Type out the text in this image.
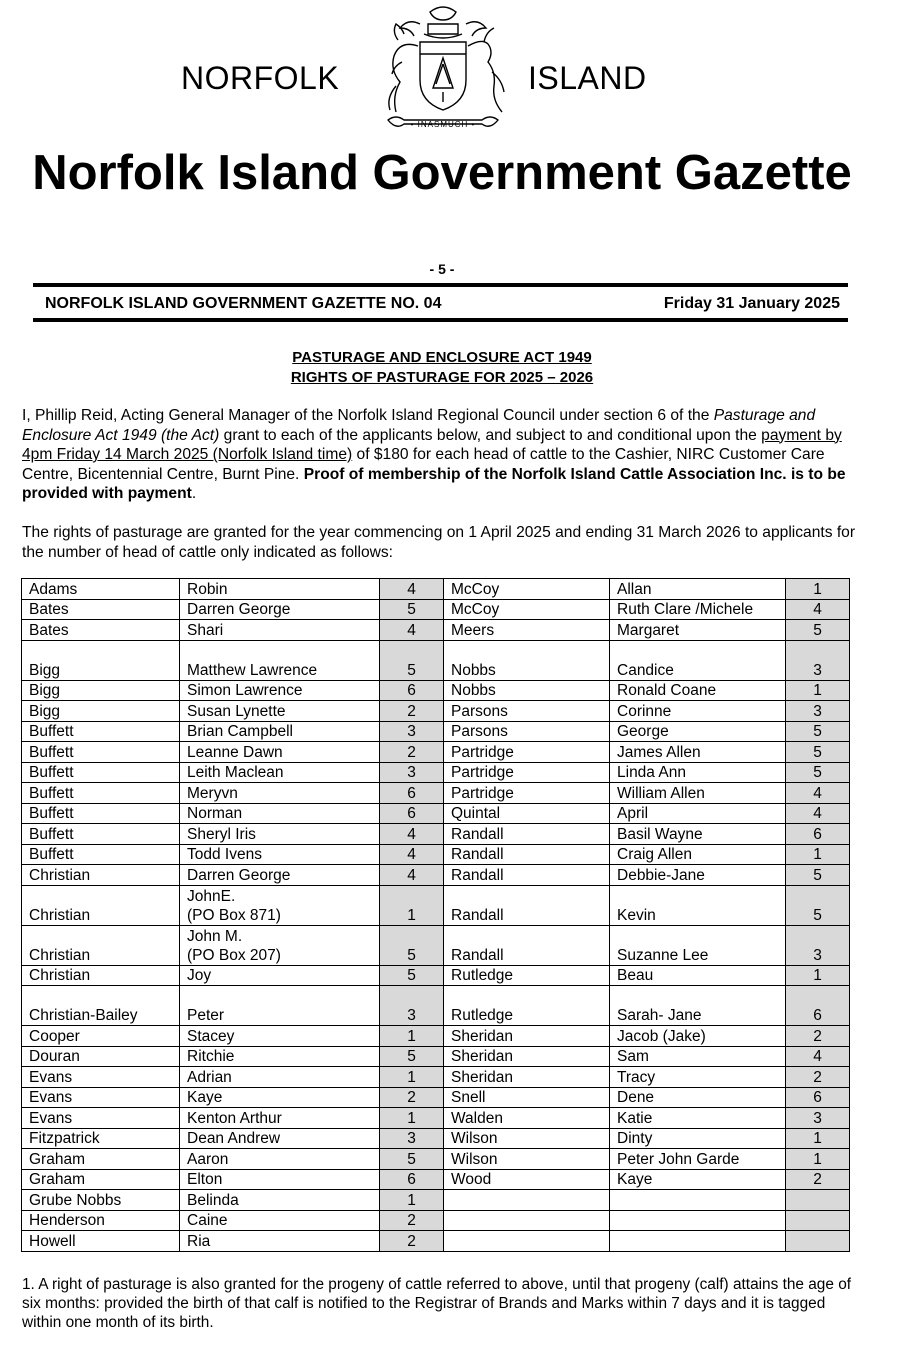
NORFOLK
• INASMUCH •
ISLAND
Norfolk Island Government Gazette
- 5 -
NORFOLK ISLAND GOVERNMENT GAZETTE NO. 04	Friday 31 January 2025
PASTURAGE AND ENCLOSURE ACT 1949
RIGHTS OF PASTURAGE FOR 2025 – 2026
I, Phillip Reid, Acting General Manager of the Norfolk Island Regional Council under section 6 of the Pasturage and Enclosure Act 1949 (the Act) grant to each of the applicants below, and subject to and conditional upon the payment by 4pm Friday 14 March 2025 (Norfolk Island time) of $180 for each head of cattle to the Cashier, NIRC Customer Care Centre, Bicentennial Centre, Burnt Pine. Proof of membership of the Norfolk Island Cattle Association Inc. is to be provided with payment.
The rights of pasturage are granted for the year commencing on 1 April 2025 and ending 31 March 2026 to applicants for the number of head of cattle only indicated as follows:
Adams	Robin	4	McCoy	Allan	1
Bates	Darren George	5	McCoy	Ruth Clare /Michele	4
Bates	Shari	4	Meers	Margaret	5
Bigg	Matthew Lawrence	5	Nobbs	Candice	3
Bigg	Simon Lawrence	6	Nobbs	Ronald Coane	1
Bigg	Susan Lynette	2	Parsons	Corinne	3
Buffett	Brian Campbell	3	Parsons	George	5
Buffett	Leanne Dawn	2	Partridge	James Allen	5
Buffett	Leith Maclean	3	Partridge	Linda Ann	5
Buffett	Meryvn	6	Partridge	William Allen	4
Buffett	Norman	6	Quintal	April	4
Buffett	Sheryl Iris	4	Randall	Basil Wayne	6
Buffett	Todd Ivens	4	Randall	Craig Allen	1
Christian	Darren George	4	Randall	Debbie-Jane	5
Christian	JohnE.
(PO Box 871)	1	Randall	Kevin	5
Christian	John M.
(PO Box 207)	5	Randall	Suzanne Lee	3
Christian	Joy	5	Rutledge	Beau	1
Christian-Bailey	Peter	3	Rutledge	Sarah- Jane	6
Cooper	Stacey	1	Sheridan	Jacob (Jake)	2
Douran	Ritchie	5	Sheridan	Sam	4
Evans	Adrian	1	Sheridan	Tracy	2
Evans	Kaye	2	Snell	Dene	6
Evans	Kenton Arthur	1	Walden	Katie	3
Fitzpatrick	Dean Andrew	3	Wilson	Dinty	1
Graham	Aaron	5	Wilson	Peter John Garde	1
Graham	Elton	6	Wood	Kaye	2
Grube Nobbs	Belinda	1			
Henderson	Caine	2			
Howell	Ria	2			
1. A right of pasturage is also granted for the progeny of cattle referred to above, until that progeny (calf) attains the age of six months: provided the birth of that calf is notified to the Registrar of Brands and Marks within 7 days and it is tagged within one month of its birth.
